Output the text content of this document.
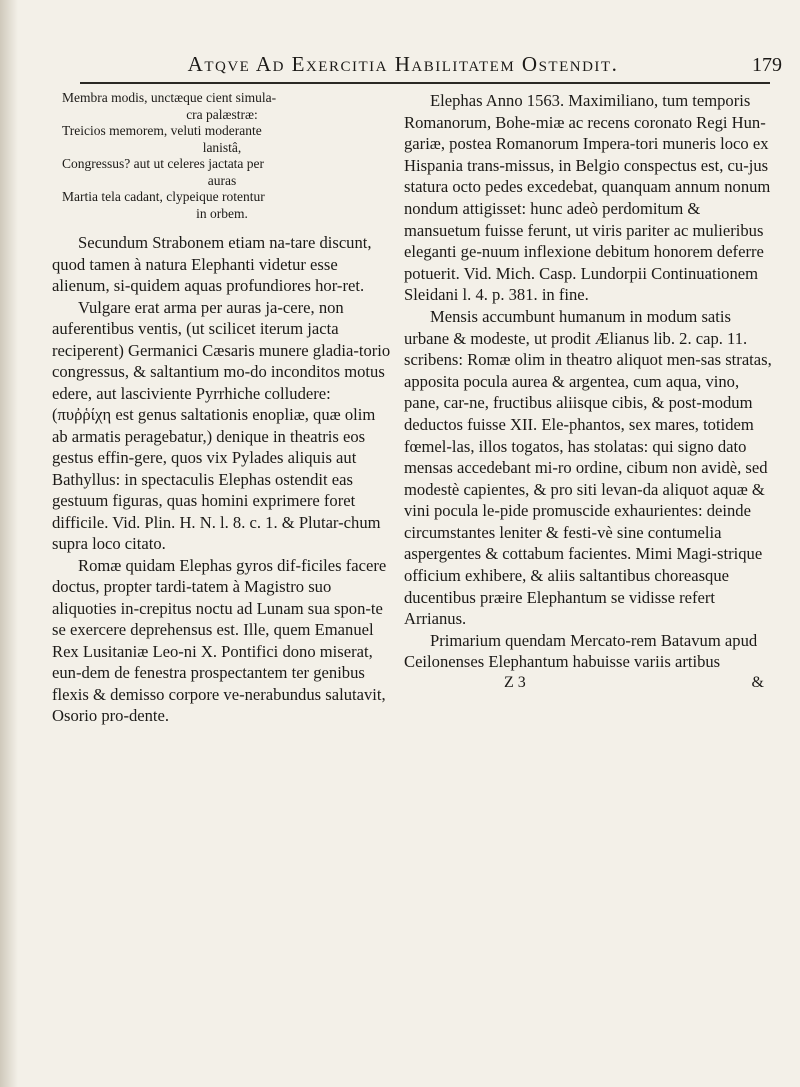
Atqve Ad Exercitia Habilitatem Ostendit.	179

Membra modis, unctæque cient simula-

cra palæstræ:

Treicios memorem, veluti moderante

lanistâ,

Congressus? aut ut celeres jactata per

auras

Martia tela cadant, clypeique rotentur

in orbem.

Secundum Strabonem etiam na-tare discunt, quod tamen à natura Elephanti videtur esse alienum, si-quidem aquas profundiores hor-ret.

Vulgare erat arma per auras ja-cere, non auferentibus ventis, (ut scilicet iterum jacta reciperent) Germanici Cæsaris munere gladia-torio congressus, & saltantium mo-do inconditos motus edere, aut lasciviente Pyrrhiche colludere: (πυῤῥίχη est genus saltationis enopliæ, quæ olim ab armatis peragebatur,) denique in theatris eos gestus effin-gere, quos vix Pylades aliquis aut Bathyllus: in spectaculis Elephas ostendit eas gestuum figuras, quas homini exprimere foret difficile. Vid. Plin. H. N. l. 8. c. 1. & Plutar-chum supra loco citato.

Romæ quidam Elephas gyros dif-ficiles facere doctus, propter tardi-tatem à Magistro suo aliquoties in-crepitus noctu ad Lunam sua spon-te se exercere deprehensus est. Ille, quem Emanuel Rex Lusitaniæ Leo-ni X. Pontifici dono miserat, eun-dem de fenestra prospectantem ter genibus flexis & demisso corpore ve-nerabundus salutavit, Osorio pro-dente.

Elephas Anno 1563. Maximiliano, tum temporis Romanorum, Bohe-miæ ac recens coronato Regi Hun-gariæ, postea Romanorum Impera-tori muneris loco ex Hispania trans-missus, in Belgio conspectus est, cu-jus statura octo pedes excedebat, quanquam annum nonum nondum attigisset: hunc adeò perdomitum & mansuetum fuisse ferunt, ut viris pariter ac mulieribus eleganti ge-nuum inflexione debitum honorem deferre potuerit. Vid. Mich. Casp. Lundorpii Continuationem Sleidani l. 4. p. 381. in fine.

Mensis accumbunt humanum in modum satis urbane & modeste, ut prodit Ælianus lib. 2. cap. 11. scribens: Romæ olim in theatro aliquot men-sas stratas, apposita pocula aurea & argentea, cum aqua, vino, pane, car-ne, fructibus aliisque cibis, & post-modum deductos fuisse XII. Ele-phantos, sex mares, totidem fœmel-las, illos togatos, has stolatas: qui signo dato mensas accedebant mi-ro ordine, cibum non avidè, sed modestè capientes, & pro siti levan-da aliquot aquæ & vini pocula le-pide promuscide exhaurientes: deinde circumstantes leniter & festi-vè sine contumelia aspergentes & cottabum facientes. Mimi Magi-strique officium exhibere, & aliis saltantibus choreasque ducentibus præire Elephantum se vidisse refert Arrianus.

Primarium quendam Mercato-rem Batavum apud Ceilonenses Elephantum habuisse variis artibus

Z 3	&
